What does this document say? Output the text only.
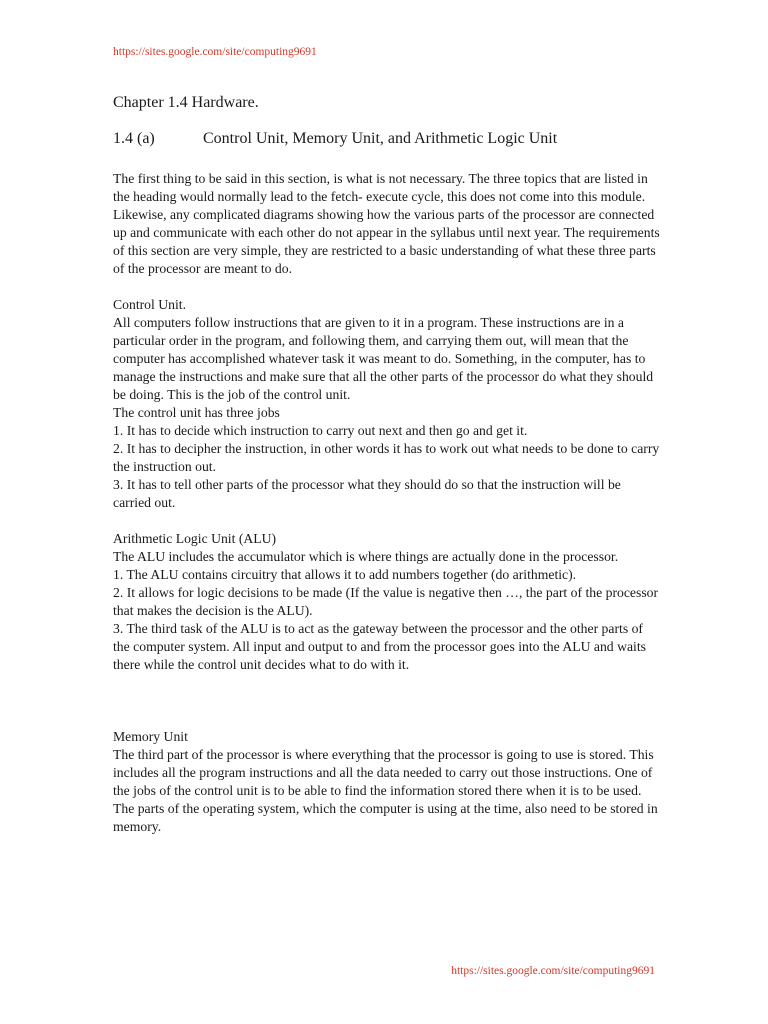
https://sites.google.com/site/computing9691
Chapter 1.4 Hardware.
1.4 (a)	Control Unit, Memory Unit, and Arithmetic Logic Unit

The first thing to be said in this section, is what is not necessary. The three topics that are listed in the heading would normally lead to the fetch- execute cycle, this does not come into this module. Likewise, any complicated diagrams showing how the various parts of the processor are connected up and communicate with each other do not appear in the syllabus until next year. The requirements of this section are very simple, they are restricted to a basic understanding of what these three parts of the processor are meant to do.

Control Unit.

All computers follow instructions that are given to it in a program. These instructions are in a particular order in the program, and following them, and carrying them out, will mean that the computer has accomplished whatever task it was meant to do. Something, in the computer, has to manage the instructions and make sure that all the other parts of the processor do what they should be doing. This is the job of the control unit.

The control unit has three jobs

1. It has to decide which instruction to carry out next and then go and get it.
2. It has to decipher the instruction, in other words it has to work out what needs to be done to carry the instruction out.
3. It has to tell other parts of the processor what they should do so that the instruction will be carried out.

Arithmetic Logic Unit (ALU)

The ALU includes the accumulator which is where things are actually done in the processor.

1. The ALU contains circuitry that allows it to add numbers together (do arithmetic).
2. It allows for logic decisions to be made (If the value is negative then …, the part of the processor that makes the decision is the ALU).
3. The third task of the ALU is to act as the gateway between the processor and the other parts of the computer system. All input and output to and from the processor goes into the ALU and waits there while the control unit decides what to do with it.

Memory Unit

The third part of the processor is where everything that the processor is going to use is stored. This includes all the program instructions and all the data needed to carry out those instructions. One of the jobs of the control unit is to be able to find the information stored there when it is to be used.

The parts of the operating system, which the computer is using at the time, also need to be stored in memory.

https://sites.google.com/site/computing9691
